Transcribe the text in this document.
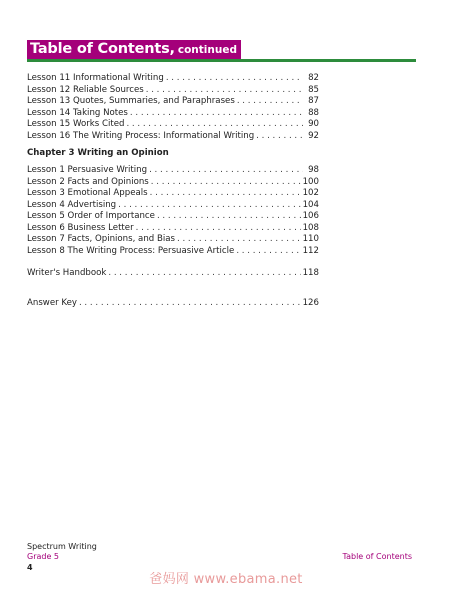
Table of Contents, continued
Lesson 11 Informational Writing . . .	82
Lesson 12 Reliable Sources . . .	85
Lesson 13 Quotes, Summaries, and Paraphrases . . .	87
Lesson 14 Taking Notes . . .	88
Lesson 15 Works Cited . . .	90
Lesson 16 The Writing Process: Informational Writing . . .	92
Chapter 3 Writing an Opinion
Lesson 1 Persuasive Writing . . .	98
Lesson 2 Facts and Opinions . . .	100
Lesson 3 Emotional Appeals . . .	102
Lesson 4 Advertising . . .	104
Lesson 5 Order of Importance . . .	106
Lesson 6 Business Letter . . .	108
Lesson 7 Facts, Opinions, and Bias . . .	110
Lesson 8 The Writing Process: Persuasive Article . . .	112
Writer's Handbook . . .	118
Answer Key . . .	126
Spectrum Writing
Grade 5
4
Table of Contents
爸妈网 www.ebama.net
